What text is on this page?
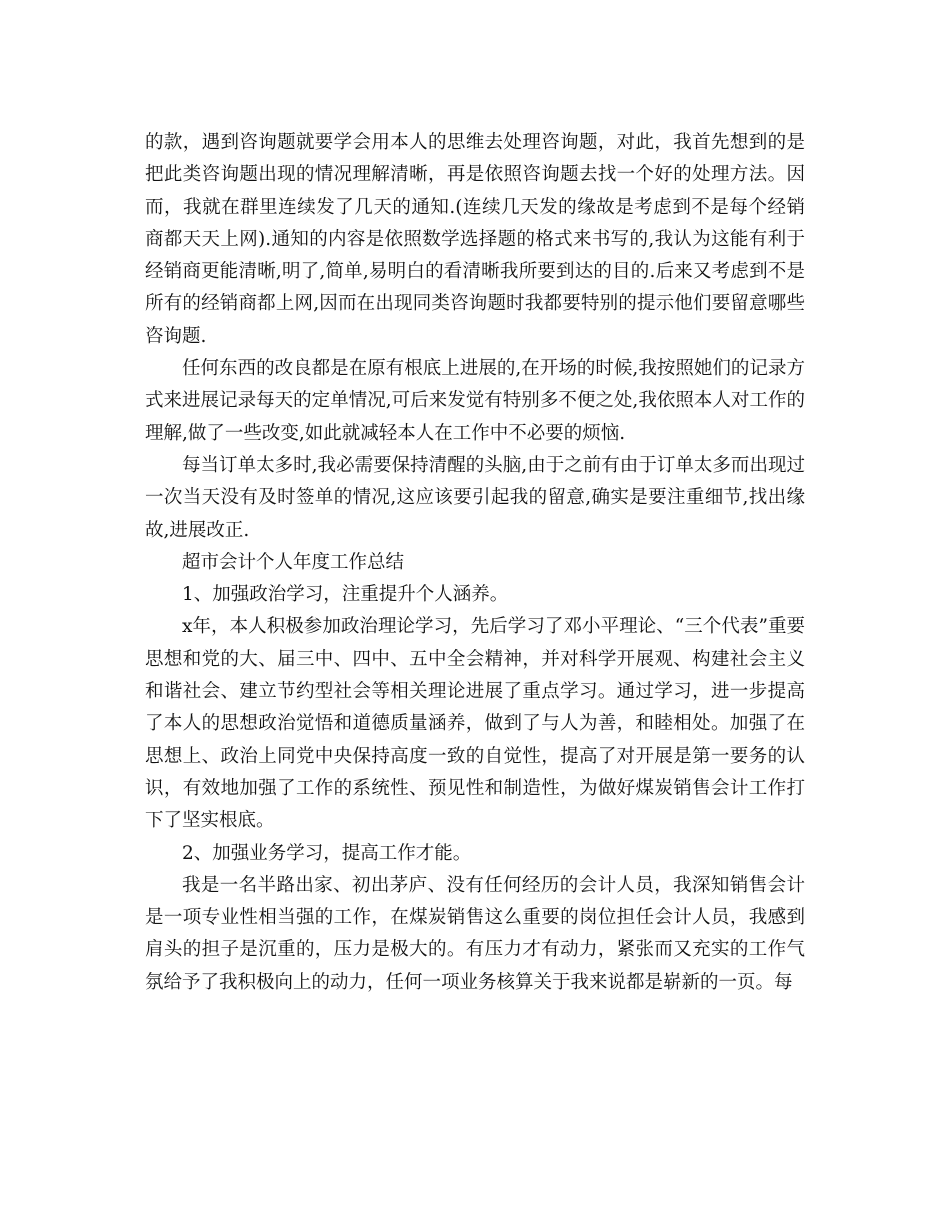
的款，遇到咨询题就要学会用本人的思维去处理咨询题，对此，我首先想到的是把此类咨询题出现的情况理解清晰，再是依照咨询题去找一个好的处理方法。因而，我就在群里连续发了几天的通知.(连续几天发的缘故是考虑到不是每个经销商都天天上网).通知的内容是依照数学选择题的格式来书写的,我认为这能有利于经销商更能清晰,明了,简单,易明白的看清晰我所要到达的目的.后来又考虑到不是所有的经销商都上网,因而在出现同类咨询题时我都要特别的提示他们要留意哪些咨询题.

任何东西的改良都是在原有根底上进展的,在开场的时候,我按照她们的记录方式来进展记录每天的定单情况,可后来发觉有特别多不便之处,我依照本人对工作的理解,做了一些改变,如此就减轻本人在工作中不必要的烦恼.

每当订单太多时,我必需要保持清醒的头脑,由于之前有由于订单太多而出现过一次当天没有及时签单的情况,这应该要引起我的留意,确实是要注重细节,找出缘故,进展改正.

超市会计个人年度工作总结

1、加强政治学习，注重提升个人涵养。

x年，本人积极参加政治理论学习，先后学习了邓小平理论、“三个代表”重要思想和党的大、届三中、四中、五中全会精神，并对科学开展观、构建社会主义和谐社会、建立节约型社会等相关理论进展了重点学习。通过学习，进一步提高了本人的思想政治觉悟和道德质量涵养，做到了与人为善，和睦相处。加强了在思想上、政治上同党中央保持高度一致的自觉性，提高了对开展是第一要务的认识，有效地加强了工作的系统性、预见性和制造性，为做好煤炭销售会计工作打下了坚实根底。

2、加强业务学习，提高工作才能。

我是一名半路出家、初出茅庐、没有任何经历的会计人员，我深知销售会计是一项专业性相当强的工作，在煤炭销售这么重要的岗位担任会计人员，我感到肩头的担子是沉重的，压力是极大的。有压力才有动力，紧张而又充实的工作气氛给予了我积极向上的动力，任何一项业务核算关于我来说都是崭新的一页。每
